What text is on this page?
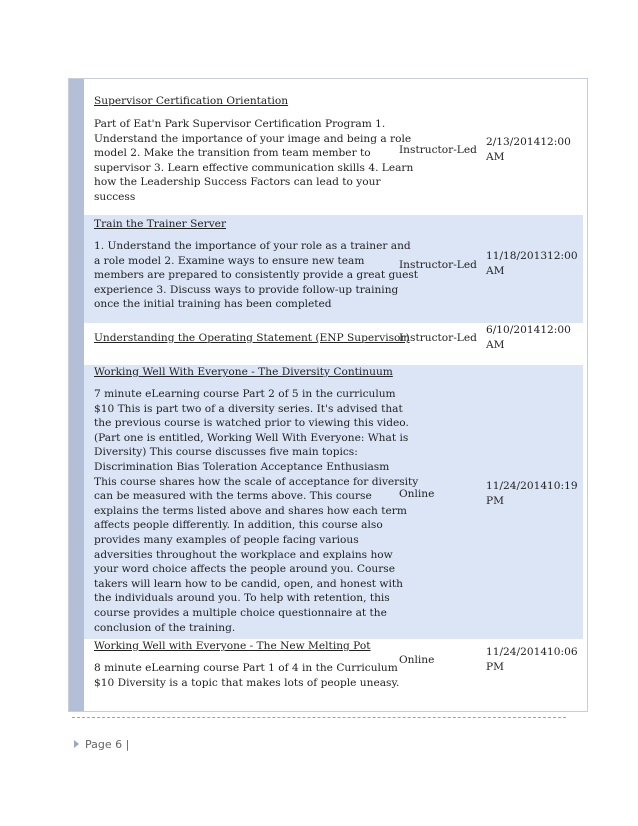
Supervisor Certification Orientation
Part of Eat'n Park Supervisor Certification Program 1.
Understand the importance of your image and being a role
model 2. Make the transition from team member to
supervisor 3. Learn effective communication skills 4. Learn
how the Leadership Success Factors can lead to your
success
Instructor-Led
2/13/201412:00
AM
Train the Trainer Server
1. Understand the importance of your role as a trainer and
a role model 2. Examine ways to ensure new team
members are prepared to consistently provide a great guest
experience 3. Discuss ways to provide follow-up training
once the initial training has been completed
Instructor-Led
11/18/201312:00
AM
Understanding the Operating Statement (ENP Supervisor)
Instructor-Led
6/10/201412:00
AM
Working Well With Everyone - The Diversity Continuum
7 minute eLearning course Part 2 of 5 in the curriculum
$10 This is part two of a diversity series. It's advised that
the previous course is watched prior to viewing this video.
(Part one is entitled, Working Well With Everyone: What is
Diversity) This course discusses five main topics:
Discrimination Bias Toleration Acceptance Enthusiasm
This course shares how the scale of acceptance for diversity
can be measured with the terms above. This course
explains the terms listed above and shares how each term
affects people differently. In addition, this course also
provides many examples of people facing various
adversities throughout the workplace and explains how
your word choice affects the people around you. Course
takers will learn how to be candid, open, and honest with
the individuals around you. To help with retention, this
course provides a multiple choice questionnaire at the
conclusion of the training.
Online
11/24/201410:19
PM
Working Well with Everyone - The New Melting Pot
8 minute eLearning course Part 1 of 4 in the Curriculum
$10 Diversity is a topic that makes lots of people uneasy.
Online
11/24/201410:06
PM
Page 6 |
